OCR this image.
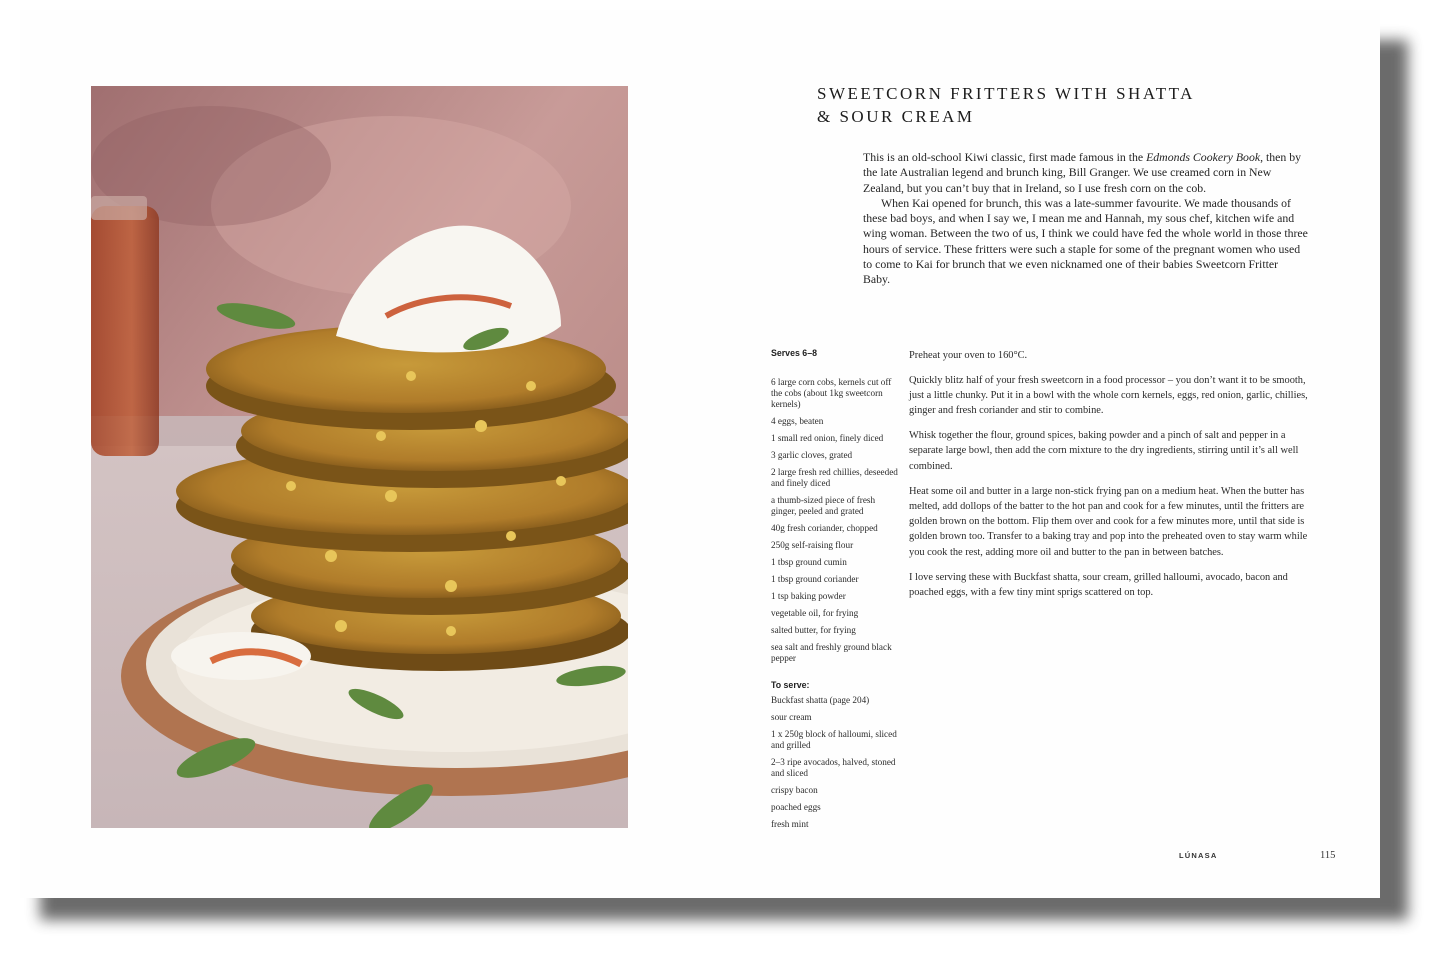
SWEETCORN FRITTERS WITH SHATTA
& SOUR CREAM

This is an old-school Kiwi classic, first made famous in the Edmonds Cookery Book, then by the late Australian legend and brunch king, Bill Granger. We use creamed corn in New Zealand, but you can’t buy that in Ireland, so I use fresh corn on the cob.

When Kai opened for brunch, this was a late-summer favourite. We made thousands of these bad boys, and when I say we, I mean me and Hannah, my sous chef, kitchen wife and wing woman. Between the two of us, I think we could have fed the whole world in those three hours of service. These fritters were such a staple for some of the pregnant women who used to come to Kai for brunch that we even nicknamed one of their babies Sweetcorn Fritter Baby.

Serves 6–8

6 large corn cobs, kernels cut off the cobs (about 1kg sweetcorn kernels)
4 eggs, beaten
1 small red onion, finely diced
3 garlic cloves, grated
2 large fresh red chillies, deseeded and finely diced
a thumb-sized piece of fresh ginger, peeled and grated
40g fresh coriander, chopped
250g self-raising flour
1 tbsp ground cumin
1 tbsp ground coriander
1 tsp baking powder
vegetable oil, for frying
salted butter, for frying
sea salt and freshly ground black pepper

To serve:

Buckfast shatta (page 204)
sour cream
1 x 250g block of halloumi, sliced and grilled
2–3 ripe avocados, halved, stoned and sliced
crispy bacon
poached eggs
fresh mint

Preheat your oven to 160°C.

Quickly blitz half of your fresh sweetcorn in a food processor – you don’t want it to be smooth, just a little chunky. Put it in a bowl with the whole corn kernels, eggs, red onion, garlic, chillies, ginger and fresh coriander and stir to combine.

Whisk together the flour, ground spices, baking powder and a pinch of salt and pepper in a separate large bowl, then add the corn mixture to the dry ingredients, stirring until it’s all well combined.

Heat some oil and butter in a large non-stick frying pan on a medium heat. When the butter has melted, add dollops of the batter to the hot pan and cook for a few minutes, until the fritters are golden brown on the bottom. Flip them over and cook for a few minutes more, until that side is golden brown too. Transfer to a baking tray and pop into the preheated oven to stay warm while you cook the rest, adding more oil and butter to the pan in between batches.

I love serving these with Buckfast shatta, sour cream, grilled halloumi, avocado, bacon and poached eggs, with a few tiny mint sprigs scattered on top.

LÚNASA	115
